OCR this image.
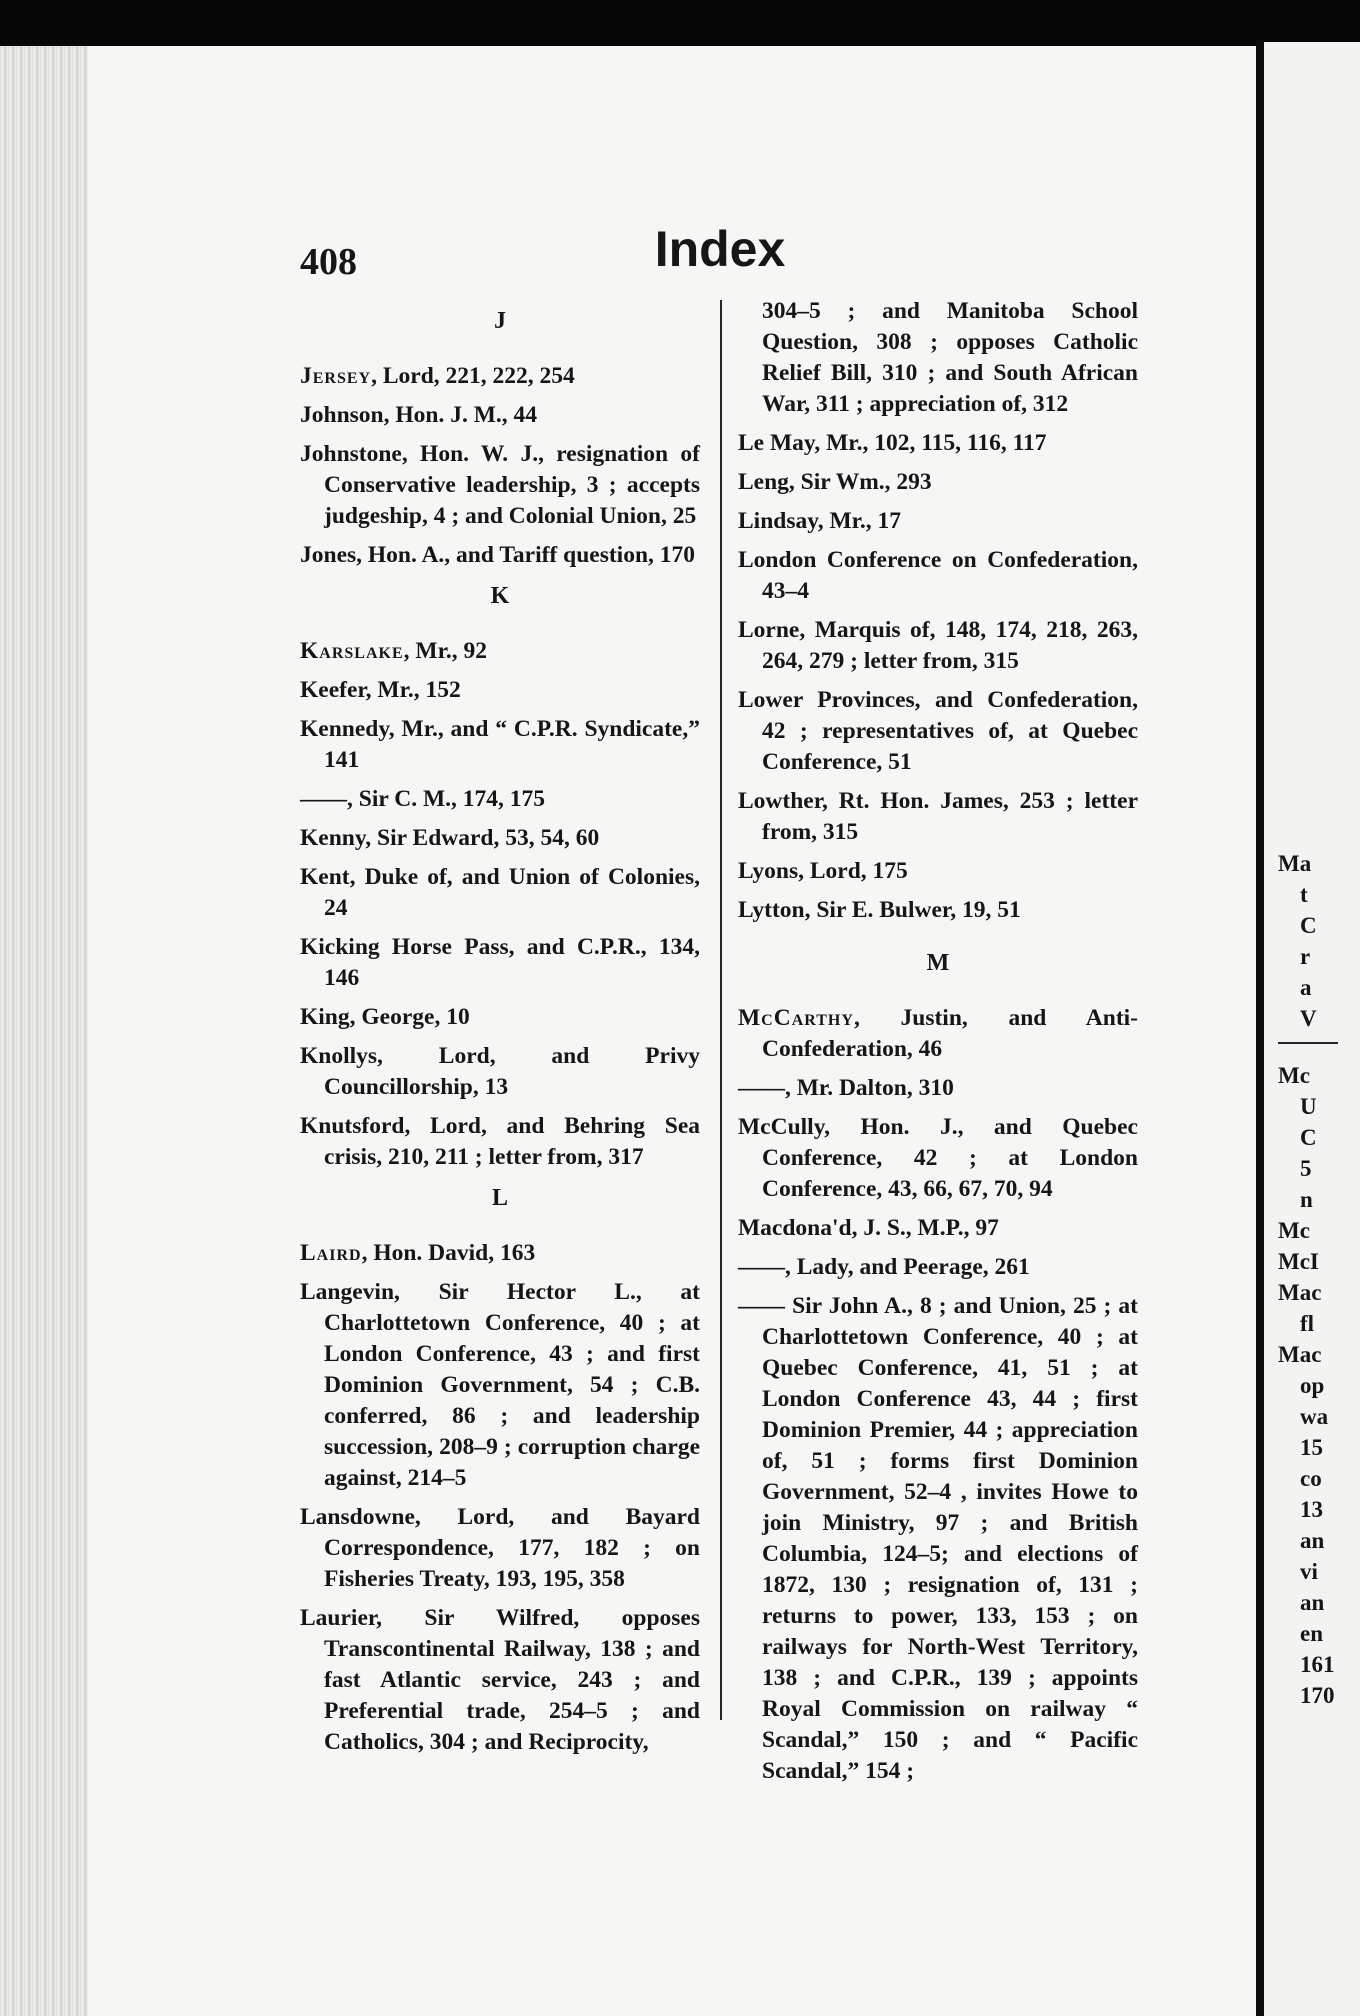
Ma
t
C
r
a
V
Mc
U
C
5
n
Mc
McI
Mac
fl
Mac
op
wa
15
co
13
an
vi
an
en
161
170
408	Index
J
Jersey, Lord, 221, 222, 254
Johnson, Hon. J. M., 44
Johnstone, Hon. W. J., resignation of Conservative leadership, 3 ; accepts judgeship, 4 ; and Colonial Union, 25
Jones, Hon. A., and Tariff question, 170
K
Karslake, Mr., 92
Keefer, Mr., 152
Kennedy, Mr., and “ C.P.R. Syndicate,” 141
——, Sir C. M., 174, 175
Kenny, Sir Edward, 53, 54, 60
Kent, Duke of, and Union of Colonies, 24
Kicking Horse Pass, and C.P.R., 134, 146
King, George, 10
Knollys, Lord, and Privy Councillorship, 13
Knutsford, Lord, and Behring Sea crisis, 210, 211 ; letter from, 317
L
Laird, Hon. David, 163
Langevin, Sir Hector L., at Charlottetown Conference, 40 ; at London Conference, 43 ; and first Dominion Government, 54 ; C.B. conferred, 86 ; and leadership succession, 208–9 ; corruption charge against, 214–5
Lansdowne, Lord, and Bayard Correspondence, 177, 182 ; on Fisheries Treaty, 193, 195, 358
Laurier, Sir Wilfred, opposes Transcontinental Railway, 138 ; and fast Atlantic service, 243 ; and Preferential trade, 254–5 ; and Catholics, 304 ; and Reciprocity,
304–5 ; and Manitoba School Question, 308 ; opposes Catholic Relief Bill, 310 ; and South African War, 311 ; appreciation of, 312
Le May, Mr., 102, 115, 116, 117
Leng, Sir Wm., 293
Lindsay, Mr., 17
London Conference on Confederation, 43–4
Lorne, Marquis of, 148, 174, 218, 263, 264, 279 ; letter from, 315
Lower Provinces, and Confederation, 42 ; representatives of, at Quebec Conference, 51
Lowther, Rt. Hon. James, 253 ; letter from, 315
Lyons, Lord, 175
Lytton, Sir E. Bulwer, 19, 51
M
McCarthy, Justin, and Anti-Confederation, 46
——, Mr. Dalton, 310
McCully, Hon. J., and Quebec Conference, 42 ; at London Conference, 43, 66, 67, 70, 94
Macdona'd, J. S., M.P., 97
——, Lady, and Peerage, 261
—— Sir John A., 8 ; and Union, 25 ; at Charlottetown Conference, 40 ; at Quebec Conference, 41, 51 ; at London Conference 43, 44 ; first Dominion Premier, 44 ; appreciation of, 51 ; forms first Dominion Government, 52–4 , invites Howe to join Ministry, 97 ; and British Columbia, 124–5; and elections of 1872, 130 ; resignation of, 131 ; returns to power, 133, 153 ; on railways for North-West Territory, 138 ; and C.P.R., 139 ; appoints Royal Commission on railway “ Scandal,” 150 ; and “ Pacific Scandal,” 154 ;
